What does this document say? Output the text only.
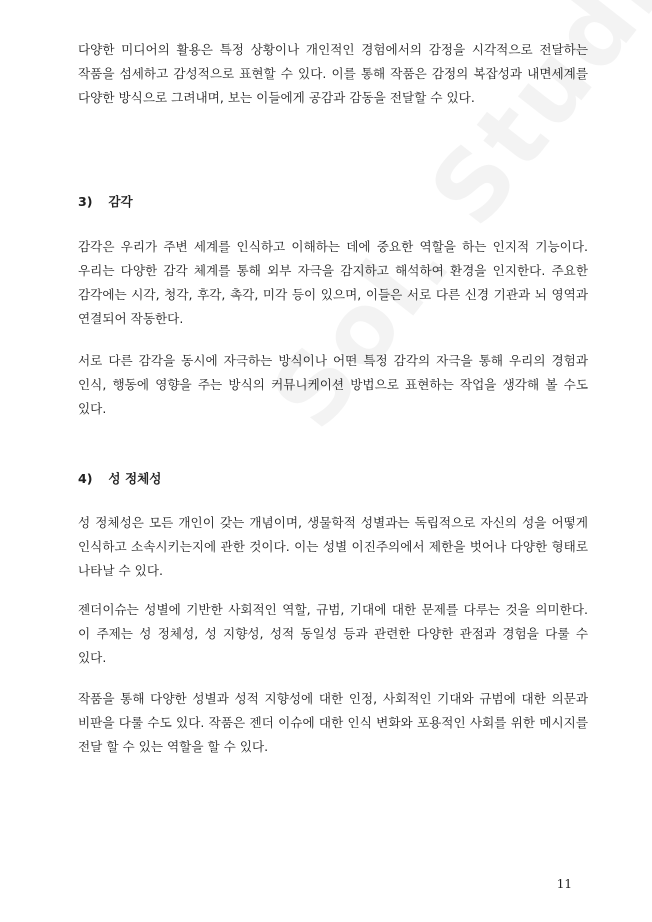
다양한 미디어의 활용은 특정 상황이나 개인적인 경험에서의 감정을 시각적으로 전달하는 작품을 섬세하고 감성적으로 표현할 수 있다. 이를 통해 작품은 감정의 복잡성과 내면세계를 다양한 방식으로 그려내며, 보는 이들에게 공감과 감동을 전달할 수 있다.

3) 감각

감각은 우리가 주변 세계를 인식하고 이해하는 데에 중요한 역할을 하는 인지적 기능이다. 우리는 다양한 감각 체계를 통해 외부 자극을 감지하고 해석하여 환경을 인지한다. 주요한 감각에는 시각, 청각, 후각, 촉각, 미각 등이 있으며, 이들은 서로 다른 신경 기관과 뇌 영역과 연결되어 작동한다.

서로 다른 감각을 동시에 자극하는 방식이나 어떤 특정 감각의 자극을 통해 우리의 경험과 인식, 행동에 영향을 주는 방식의 커뮤니케이션 방법으로 표현하는 작업을 생각해 볼 수도 있다.

4) 성 정체성

성 정체성은 모든 개인이 갖는 개념이며, 생물학적 성별과는 독립적으로 자신의 성을 어떻게 인식하고 소속시키는지에 관한 것이다. 이는 성별 이진주의에서 제한을 벗어나 다양한 형태로 나타날 수 있다.

젠더이슈는 성별에 기반한 사회적인 역할, 규범, 기대에 대한 문제를 다루는 것을 의미한다. 이 주제는 성 정체성, 성 지향성, 성적 동일성 등과 관련한 다양한 관점과 경험을 다룰 수 있다.

작품을 통해 다양한 성별과 성적 지향성에 대한 인정, 사회적인 기대와 규범에 대한 의문과 비판을 다룰 수도 있다. 작품은 젠더 이슈에 대한 인식 변화와 포용적인 사회를 위한 메시지를 전달 할 수 있는 역할을 할 수 있다.

11
